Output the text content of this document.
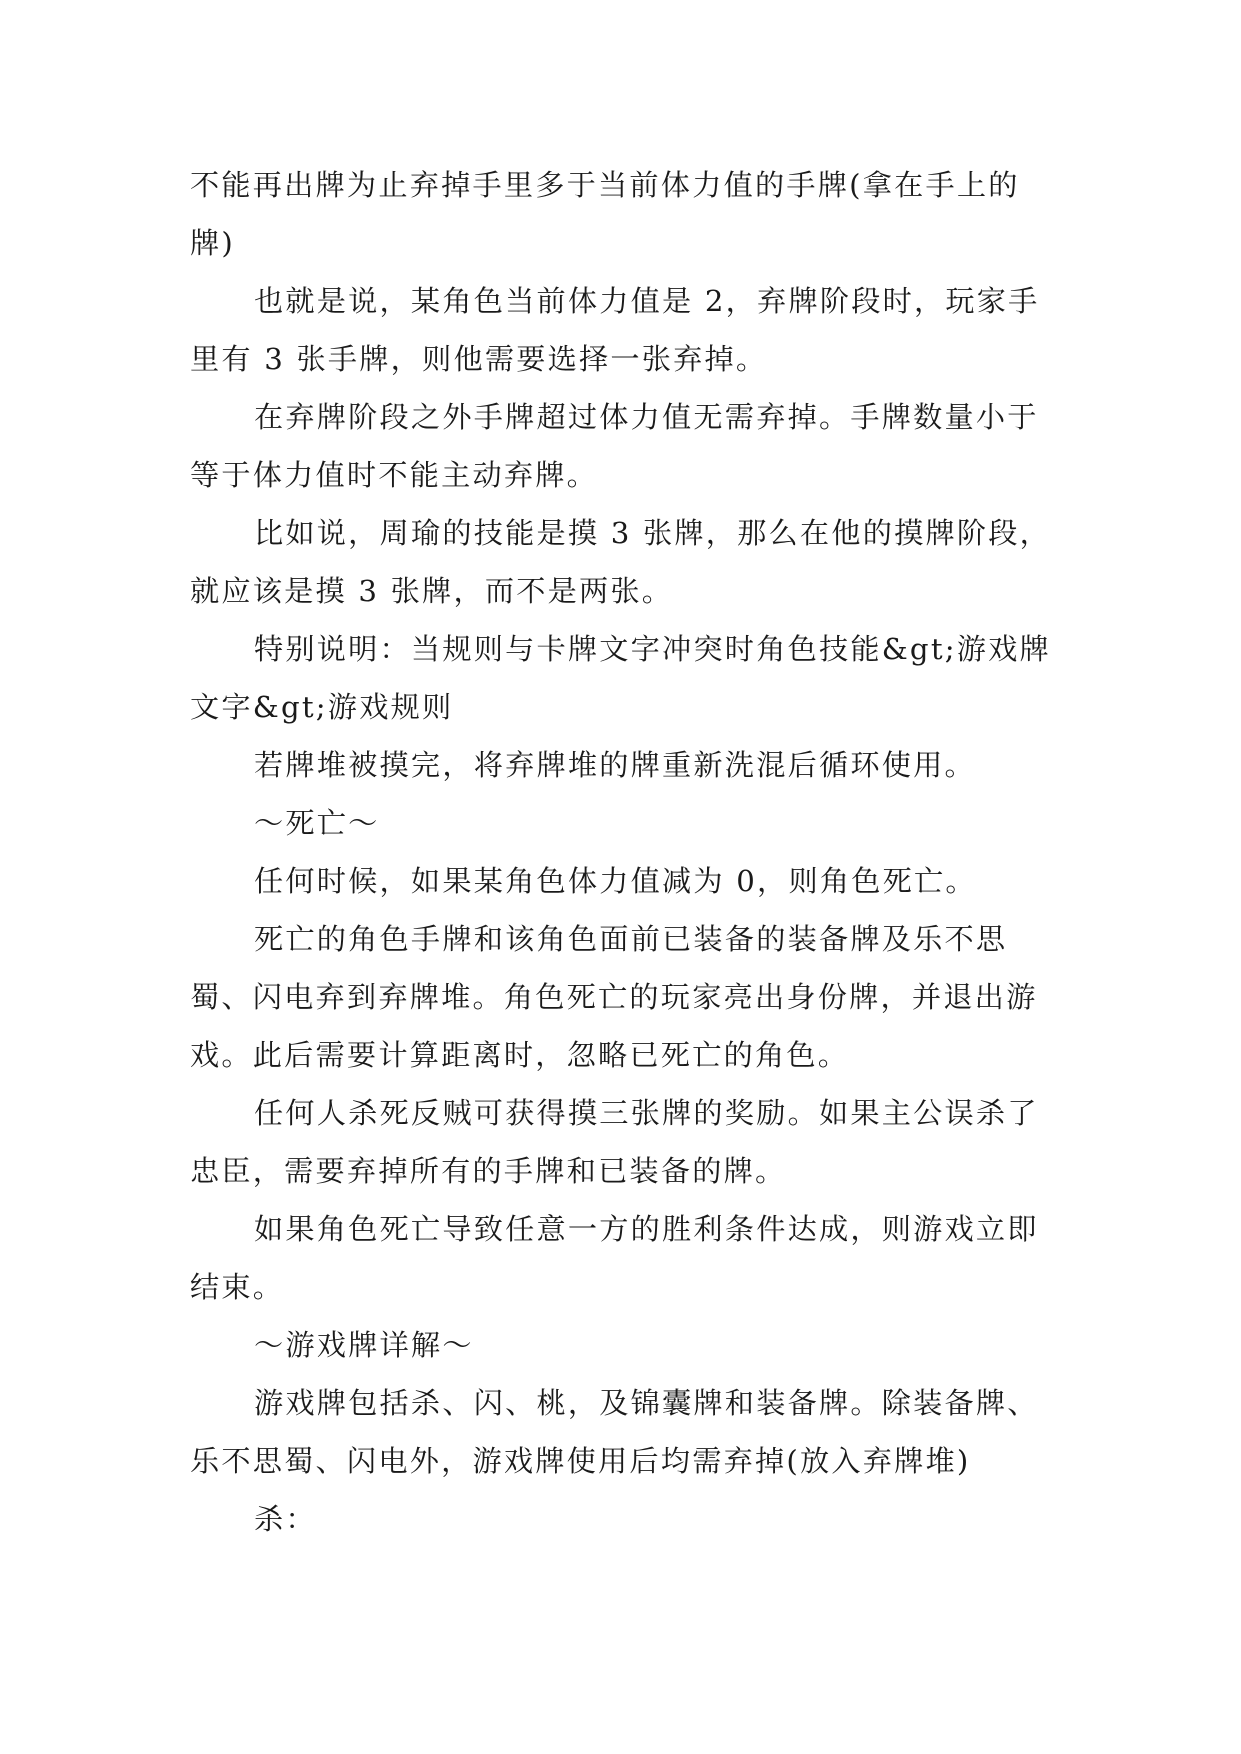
不能再出牌为止弃掉手里多于当前体力值的手牌(拿在手上的牌)

也就是说，某角色当前体力值是 2，弃牌阶段时，玩家手里有 3 张手牌，则他需要选择一张弃掉。

在弃牌阶段之外手牌超过体力值无需弃掉。手牌数量小于等于体力值时不能主动弃牌。

比如说，周瑜的技能是摸 3 张牌，那么在他的摸牌阶段，就应该是摸 3 张牌，而不是两张。

特别说明：当规则与卡牌文字冲突时角色技能&gt;游戏牌文字&gt;游戏规则

若牌堆被摸完，将弃牌堆的牌重新洗混后循环使用。

～死亡～

任何时候，如果某角色体力值减为 0，则角色死亡。

死亡的角色手牌和该角色面前已装备的装备牌及乐不思蜀、闪电弃到弃牌堆。角色死亡的玩家亮出身份牌，并退出游戏。此后需要计算距离时，忽略已死亡的角色。

任何人杀死反贼可获得摸三张牌的奖励。如果主公误杀了忠臣，需要弃掉所有的手牌和已装备的牌。

如果角色死亡导致任意一方的胜利条件达成，则游戏立即结束。

～游戏牌详解～

游戏牌包括杀、闪、桃，及锦囊牌和装备牌。除装备牌、乐不思蜀、闪电外，游戏牌使用后均需弃掉(放入弃牌堆)

杀：
